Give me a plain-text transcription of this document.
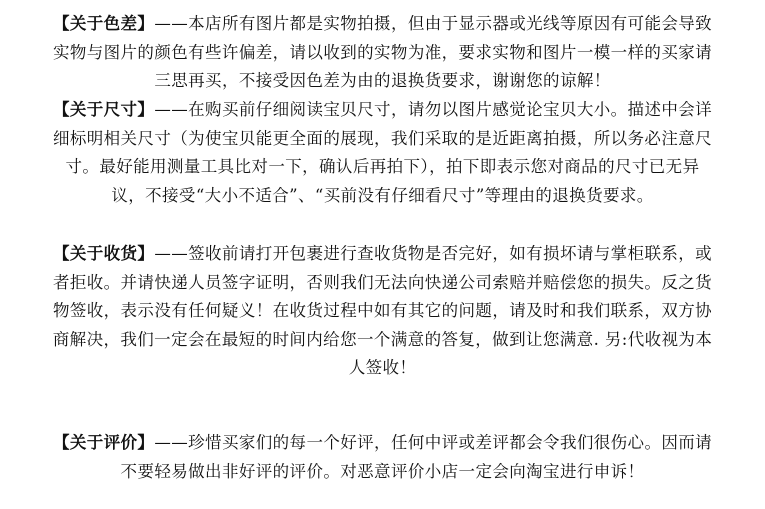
【关于色差】——本店所有图片都是实物拍摄，但由于显示器或光线等原因有可能会导致
实物与图片的颜色有些许偏差，请以收到的实物为准，要求实物和图片一模一样的买家请
三思再买，不接受因色差为由的退换货要求，谢谢您的谅解！
【关于尺寸】——在购买前仔细阅读宝贝尺寸，请勿以图片感觉论宝贝大小。描述中会详
细标明相关尺寸（为使宝贝能更全面的展现，我们采取的是近距离拍摄，所以务必注意尺
寸。最好能用测量工具比对一下，确认后再拍下），拍下即表示您对商品的尺寸已无异
议，不接受“大小不适合”、“买前没有仔细看尺寸”等理由的退换货要求。
【关于收货】——签收前请打开包裹进行查收货物是否完好，如有损坏请与掌柜联系，或
者拒收。并请快递人员签字证明，否则我们无法向快递公司索赔并赔偿您的损失。反之货
物签收，表示没有任何疑义！在收货过程中如有其它的问题，请及时和我们联系，双方协
商解决，我们一定会在最短的时间内给您一个满意的答复，做到让您满意. 另:代收视为本
人签收！
【关于评价】——珍惜买家们的每一个好评，任何中评或差评都会令我们很伤心。因而请
不要轻易做出非好评的评价。对恶意评价小店一定会向淘宝进行申诉！
